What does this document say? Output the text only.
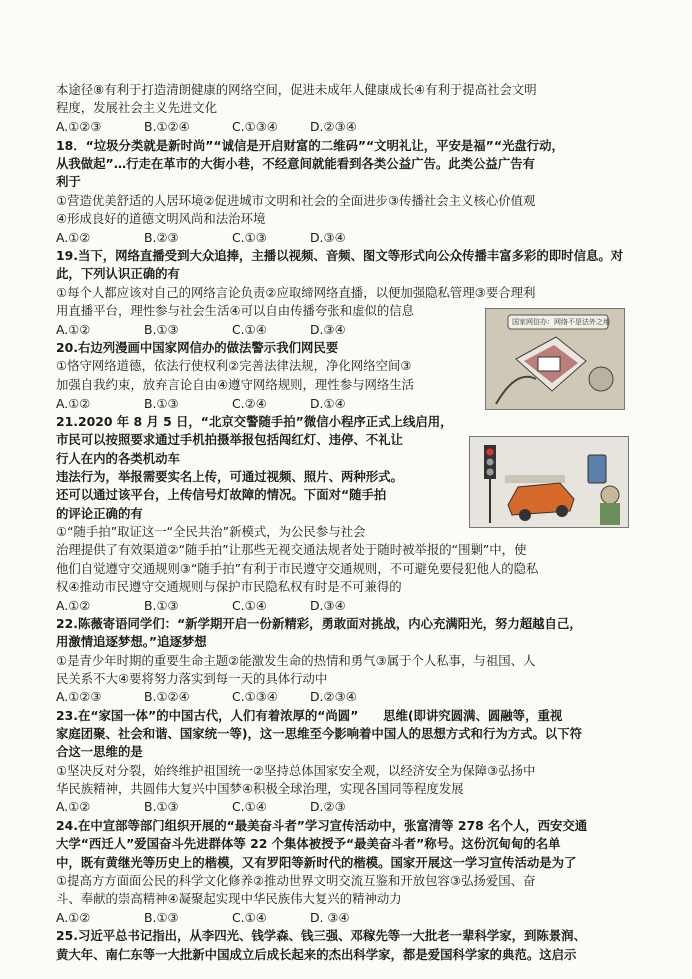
本途径⑧有利于打造清朗健康的网络空间，促进未成年人健康成长④有利于提高社会文明
程度，发展社会主义先进文化
A.①②③	B.①②④	C.①③④	D.②③④
18．“垃圾分类就是新时尚”“诚信是开启财富的二维码”“文明礼让，平安是福”“光盘行动，
从我做起”…行走在革市的大街小巷，不经意间就能看到各类公益广告。此类公益广告有
利于
①营造优美舒适的人居环境②促进城市文明和社会的全面进步③传播社会主义核心价值观
④形成良好的道德文明风尚和法治环境
A.①②	B.②③	C.①③	D.③④
19.当下，网络直播受到大众追捧，主播以视频、音频、图文等形式向公众传播丰富多彩的即时信息。对此，下列认识正确的有
①每个人都应该对自己的网络言论负责②应取缔网络直播，以便加强隐私管理③要合理利
用直播平台，理性参与社会生活④可以自由传播夸张和虚似的信息
A.①②	B.①③	C.①④	D.③④
20.右边列漫画中国家网信办的做法警示我们网民要
①恪守网络道德，依法行使权利②完善法律法规，净化网络空间③
加强自我约束，放弃言论自由④遵守网络规则，理性参与网络生活
A.①②	B.①③	C.②④	D.①④
21.2020 年 8 月 5 日，“北京交警随手拍”微信小程序正式上线启用，
市民可以按照要求通过手机拍摄举报包括闯红灯、违停、不礼让
行人在内的各类机动车
违法行为，举报需要实名上传，可通过视频、照片、两种形式。
还可以通过该平台，上传信号灯故障的情况。下面对“随手拍
的评论正确的有
①“随手拍”取证这一“全民共治”新模式，为公民参与社会
治理提供了有效渠道②“随手拍”让那些无视交通法规者处于随时被举报的“围剿”中，使
他们自觉遵守交通规则③“随手拍”有利于市民遵守交通规则，不可避免要侵犯他人的隐私
权④推动市民遵守交通规则与保护市民隐私权有时是不可兼得的
A.①②	B.①③	C.①④	D.③④
22.陈薇寄语同学们：“新学期开启一份新精彩，勇敢面对挑战，内心充满阳光，努力超越自己，
用激情追逐梦想。”追逐梦想
①是青少年时期的重要生命主题②能激发生命的热情和勇气③属于个人私事，与祖国、人
民关系不大④要将努力落实到每一天的具体行动中
A.①②③	B.①②④	C.①③④	D.②③④
23.在“家国一体”的中国古代，人们有着浓厚的“尚圆”　　思维(即讲究圆满、圆融等，重视
家庭团聚、社会和谐、国家统一等)，这一思维至今影响着中国人的思想方式和行为方式。以下符
合这一思维的是
①坚决反对分裂，始终维护祖国统一②坚持总体国家安全观，以经济安全为保障③弘扬中
华民族精神，共圆伟大复兴中国梦④积极全球治理，实现各国同等程度发展
A.①②	B.①③	C.①④	D.②③
24.在中宣部等部门组织开展的“最美奋斗者”学习宣传活动中，张富清等 278 名个人，西安交通
大学“西迁人”爱国奋斗先进群体等 22 个集体被授予“最美奋斗者”称号。这份沉甸甸的名单
中，既有黄继光等历史上的楷模，又有罗阳等新时代的楷模。国家开展这一学习宣传活动是为了
①提高方方面面公民的科学文化修养②推动世界文明交流互鉴和开放包容③弘扬爱国、奋
斗、奉献的崇高精神④凝聚起实现中华民族伟大复兴的精神动力
A.①②	B.①③	C.①④	D. ③④
25.习近平总书记指出，从李四光、钱学森、钱三强、邓稼先等一大批老一辈科学家，到陈景润、
黄大年、南仁东等一大批新中国成立后成长起来的杰出科学家，都是爱国科学家的典范。这启示
国家网信办：网络不是法外之地
